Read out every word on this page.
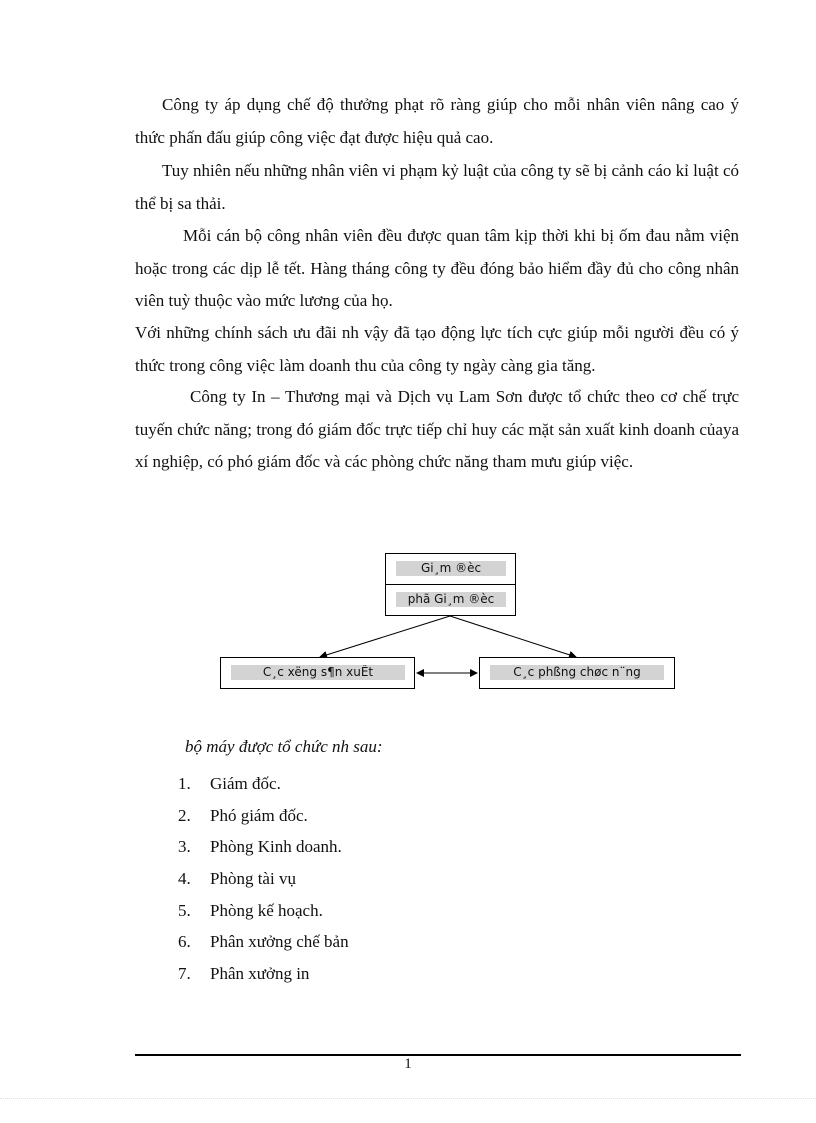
Công ty áp dụng chế độ thưởng phạt rõ ràng giúp cho mỗi nhân viên nâng cao ý thức phấn đấu giúp công việc đạt được hiệu quả cao.

Tuy nhiên nếu những nhân viên vi phạm kỷ luật của công ty sẽ bị cảnh cáo kỉ luật có thể bị sa thải.

Mỗi cán bộ công nhân viên đều được quan tâm kịp thời khi bị ốm đau nằm viện hoặc trong các dịp lễ tết. Hàng tháng công ty đều đóng bảo hiểm đầy đủ cho công nhân viên tuỳ thuộc vào mức lương của họ.

Với những chính sách ưu đãi nh vậy đã tạo động lực tích cực giúp mỗi người đều có ý thức trong công việc làm doanh thu của công ty ngày càng gia tăng.

Công ty In – Thương mại và Dịch vụ Lam Sơn được tổ chức theo cơ chế trực tuyến chức năng; trong đó giám đốc trực tiếp chỉ huy các mặt sản xuất kinh doanh củaya xí nghiệp, có phó giám đốc và các phòng chức năng tham mưu giúp việc.

Gi¸m ®èc
phã Gi¸m ®èc
C¸c xëng s¶n xuÊt	C¸c phßng chøc n¨ng

bộ máy được tổ chức nh sau:

1.	Giám đốc.
2.	Phó giám đốc.
3.	Phòng Kinh doanh.
4.	Phòng tài vụ
5.	Phòng kế hoạch.
6.	Phân xưởng chế bản
7.	Phân xưởng in
1
